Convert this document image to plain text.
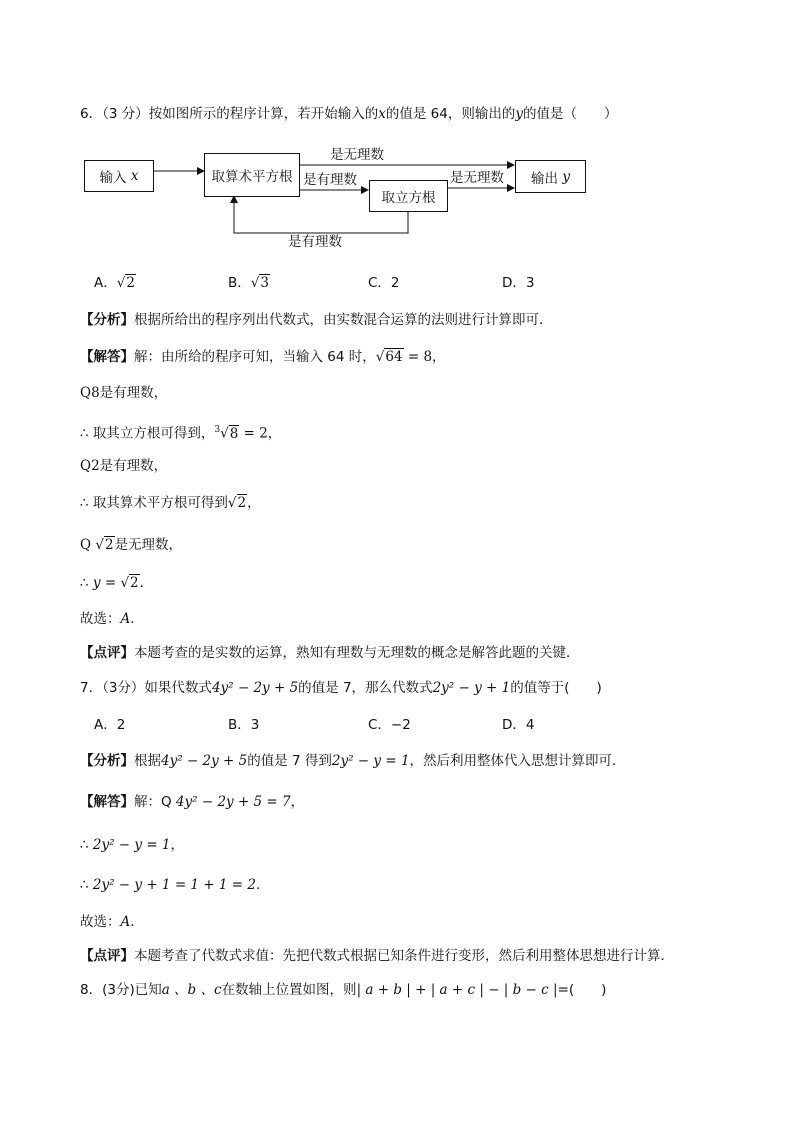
6．（3 分）按如图所示的程序计算，若开始输入的x的值是 64，则输出的y的值是（　　）
输入
x	取算术平方根
取立方根
输出
y
是无理数
是有理数	是无理数
是有理数
A．√2	B．√3	C．2	D．3
【分析】根据所给出的程序列出代数式，由实数混合运算的法则进行计算即可．
【解答】解：由所给的程序可知，当输入 64 时，√64 = 8，
Q8是有理数，
∴ 取其立方根可得到，$^3$√8 = 2，
Q2是有理数，
∴ 取其算术平方根可得到√2，
Q √2是无理数，
∴ y = √2．
故选：A．
【点评】本题考查的是实数的运算，熟知有理数与无理数的概念是解答此题的关键．
7．（3分）如果代数式4y² − 2y + 5的值是 7，那么代数式2y² − y + 1的值等于(　　)
A．2	B．3	C．−2	D．4
【分析】根据4y² − 2y + 5的值是 7 得到2y² − y = 1，然后利用整体代入思想计算即可．
【解答】解：Q 4y² − 2y + 5 = 7，
∴ 2y² − y = 1，
∴ 2y² − y + 1 = 1 + 1 = 2．
故选：A．
【点评】本题考查了代数式求值：先把代数式根据已知条件进行变形，然后利用整体思想进行计算．
8．(3分)已知a 、b 、c在数轴上位置如图，则| a + b | + | a + c | − | b − c |=(　　)
